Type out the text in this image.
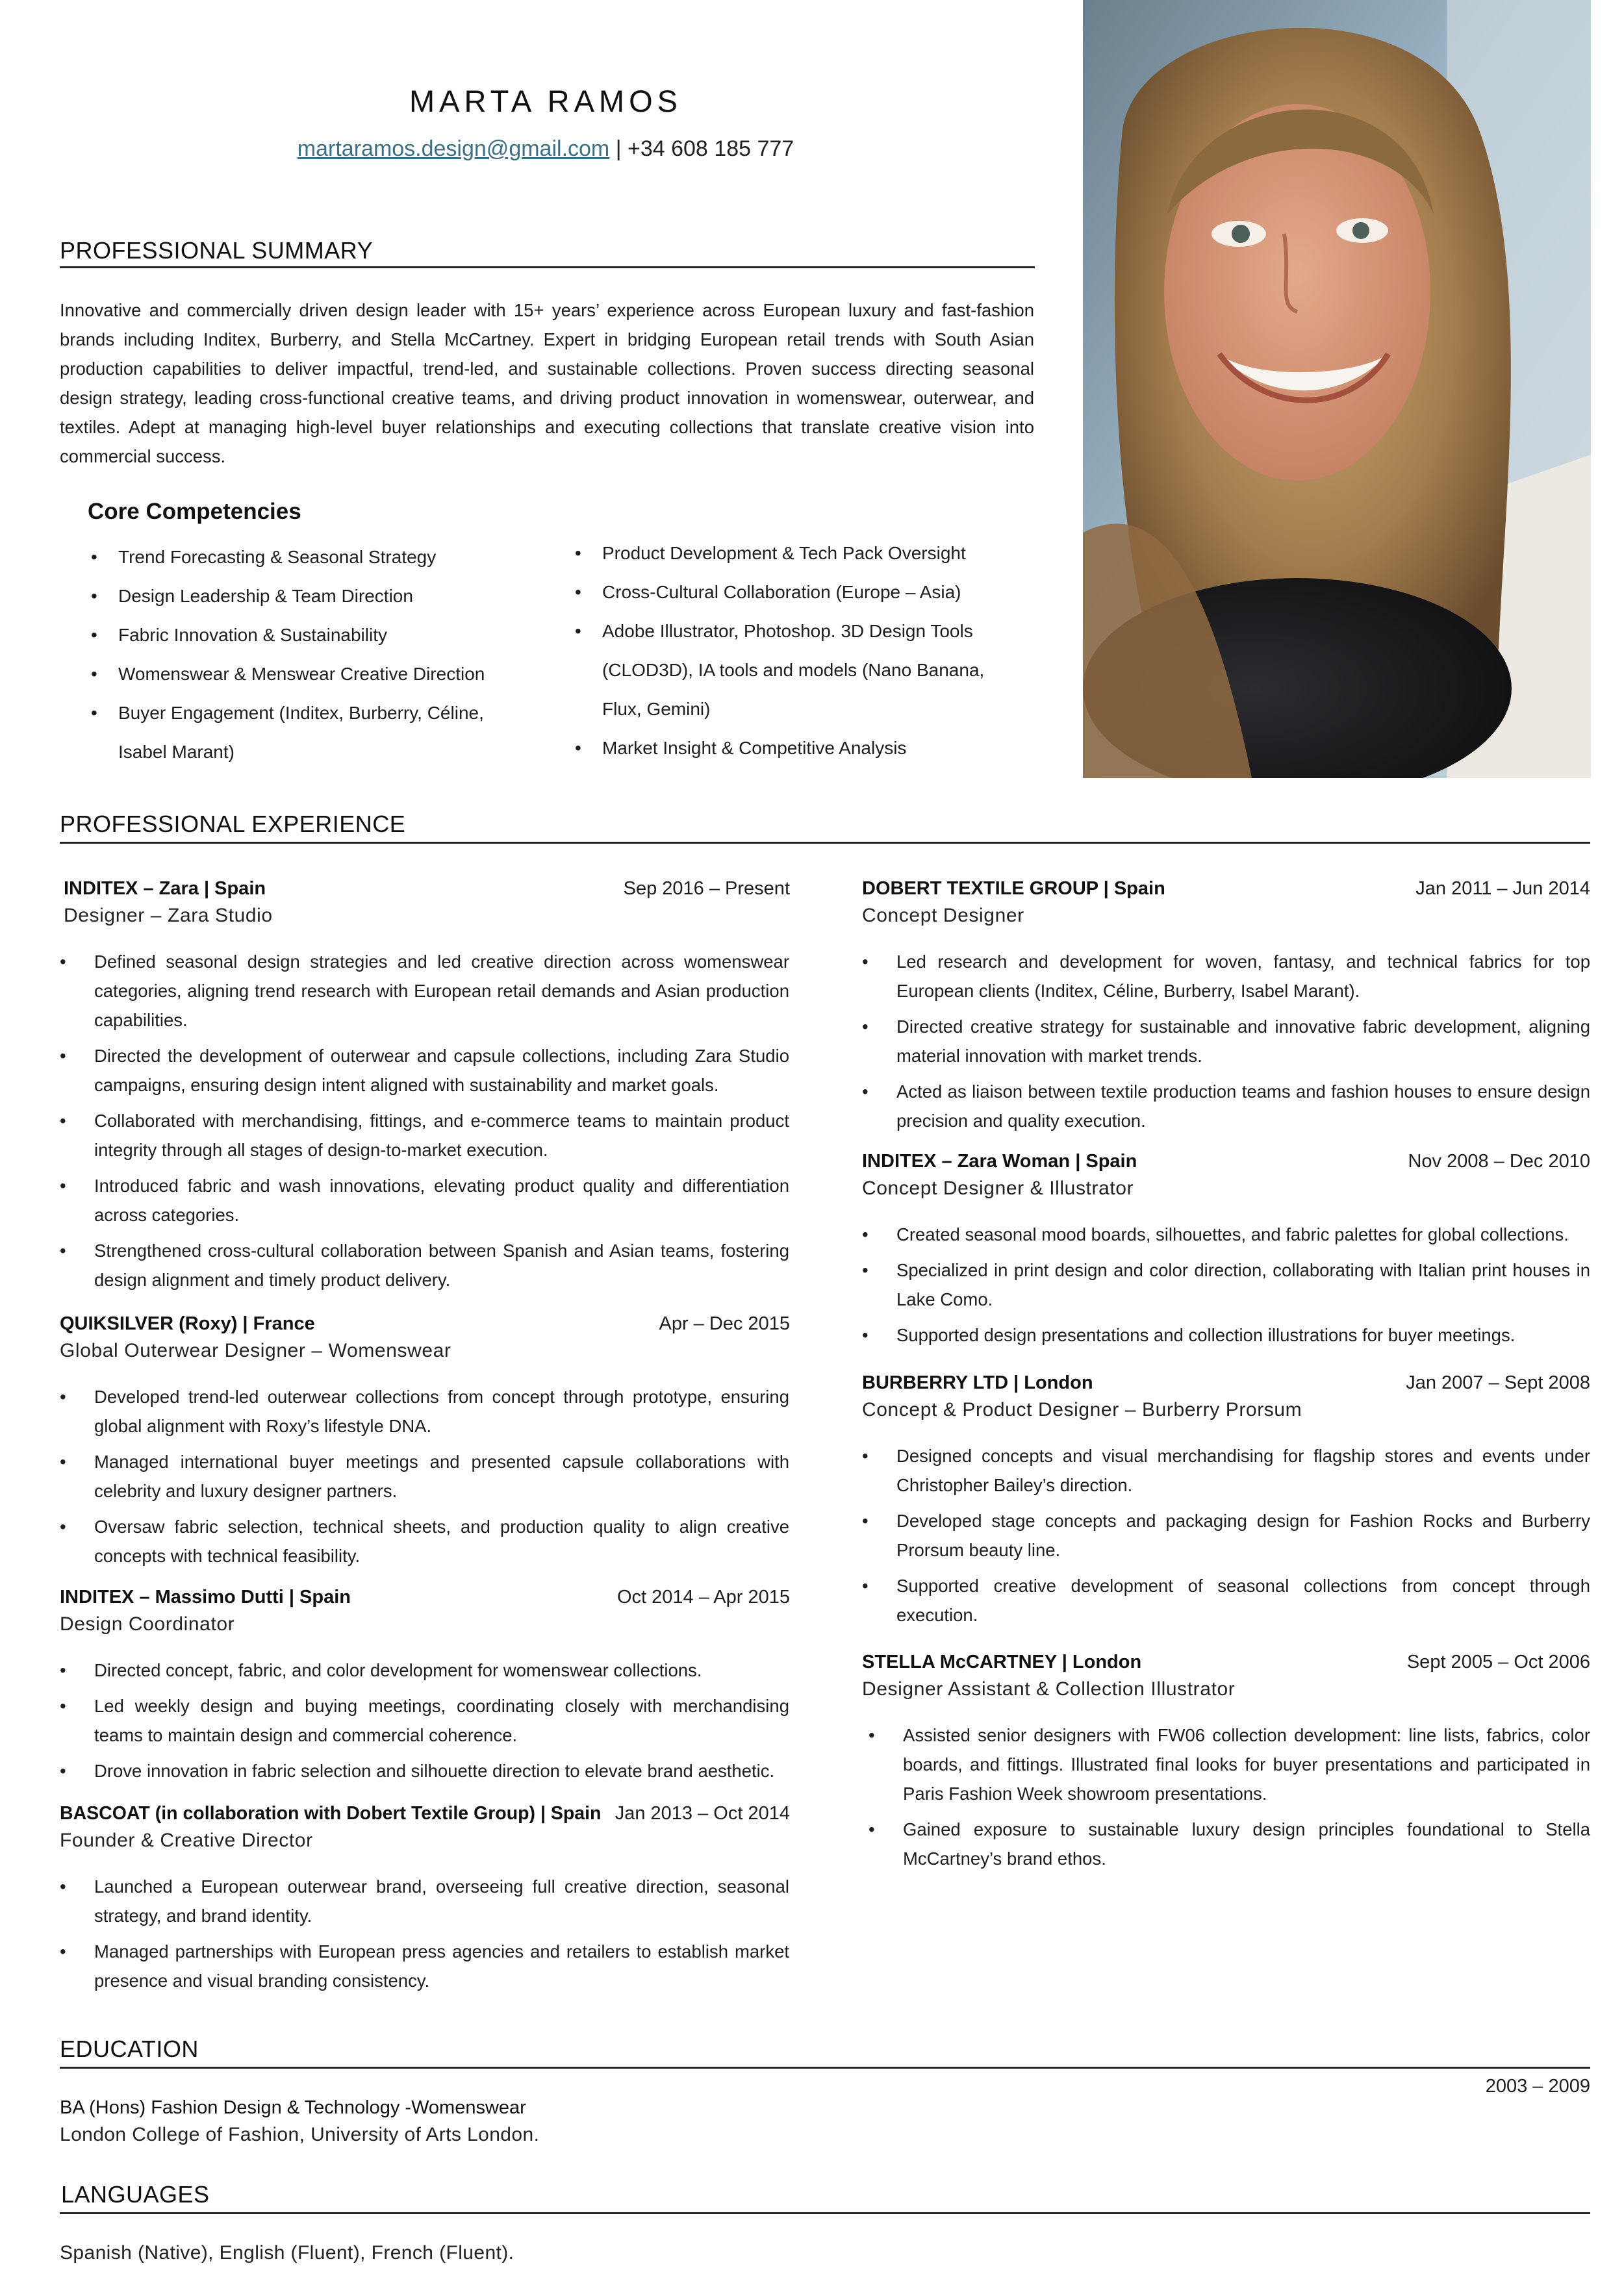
MARTA RAMOS
martaramos.design@gmail.com | +34 608 185 777
PROFESSIONAL SUMMARY
Innovative and commercially driven design leader with 15+ years’ experience across European luxury and fast-fashion brands including Inditex, Burberry, and Stella McCartney. Expert in bridging European retail trends with South Asian production capabilities to deliver impactful, trend-led, and sustainable collections. Proven success directing seasonal design strategy, leading cross-functional creative teams, and driving product innovation in womenswear, outerwear, and textiles. Adept at managing high-level buyer relationships and executing collections that translate creative vision into commercial success.
Core Competencies
• Trend Forecasting & Seasonal Strategy
• Design Leadership & Team Direction
• Fabric Innovation & Sustainability
• Womenswear & Menswear Creative Direction
• Buyer Engagement (Inditex, Burberry, Céline, Isabel Marant)
• Product Development & Tech Pack Oversight
• Cross-Cultural Collaboration (Europe – Asia)
• Adobe Illustrator, Photoshop. 3D Design Tools (CLOD3D), IA tools and models (Nano Banana, Flux, Gemini)
• Market Insight & Competitive Analysis
PROFESSIONAL EXPERIENCE
INDITEX – Zara | Spain	Sep 2016 – Present
Designer – Zara Studio
• Defined seasonal design strategies and led creative direction across womenswear categories, aligning trend research with European retail demands and Asian production capabilities.
• Directed the development of outerwear and capsule collections, including Zara Studio campaigns, ensuring design intent aligned with sustainability and market goals.
• Collaborated with merchandising, fittings, and e-commerce teams to maintain product integrity through all stages of design-to-market execution.
• Introduced fabric and wash innovations, elevating product quality and differentiation across categories.
• Strengthened cross-cultural collaboration between Spanish and Asian teams, fostering design alignment and timely product delivery.
QUIKSILVER (Roxy) | France	Apr – Dec 2015
Global Outerwear Designer – Womenswear
• Developed trend-led outerwear collections from concept through prototype, ensuring global alignment with Roxy’s lifestyle DNA.
• Managed international buyer meetings and presented capsule collaborations with celebrity and luxury designer partners.
• Oversaw fabric selection, technical sheets, and production quality to align creative concepts with technical feasibility.
INDITEX – Massimo Dutti | Spain	Oct 2014 – Apr 2015
Design Coordinator
• Directed concept, fabric, and color development for womenswear collections.
• Led weekly design and buying meetings, coordinating closely with merchandising teams to maintain design and commercial coherence.
• Drove innovation in fabric selection and silhouette direction to elevate brand aesthetic.
BASCOAT (in collaboration with Dobert Textile Group) | Spain Jan 2013 – Oct 2014
Founder & Creative Director
• Launched a European outerwear brand, overseeing full creative direction, seasonal strategy, and brand identity.
• Managed partnerships with European press agencies and retailers to establish market presence and visual branding consistency.
DOBERT TEXTILE GROUP | Spain	Jan 2011 – Jun 2014
Concept Designer
• Led research and development for woven, fantasy, and technical fabrics for top European clients (Inditex, Céline, Burberry, Isabel Marant).
• Directed creative strategy for sustainable and innovative fabric development, aligning material innovation with market trends.
• Acted as liaison between textile production teams and fashion houses to ensure design precision and quality execution.
INDITEX – Zara Woman | Spain	Nov 2008 – Dec 2010
Concept Designer & Illustrator
• Created seasonal mood boards, silhouettes, and fabric palettes for global collections.
• Specialized in print design and color direction, collaborating with Italian print houses in Lake Como.
• Supported design presentations and collection illustrations for buyer meetings.
BURBERRY LTD | London	Jan 2007 – Sept 2008
Concept & Product Designer – Burberry Prorsum
• Designed concepts and visual merchandising for flagship stores and events under Christopher Bailey’s direction.
• Developed stage concepts and packaging design for Fashion Rocks and Burberry Prorsum beauty line.
• Supported creative development of seasonal collections from concept through execution.
STELLA McCARTNEY | London	Sept 2005 – Oct 2006
Designer Assistant & Collection Illustrator
• Assisted senior designers with FW06 collection development: line lists, fabrics, color boards, and fittings. Illustrated final looks for buyer presentations and participated in Paris Fashion Week showroom presentations.
• Gained exposure to sustainable luxury design principles foundational to Stella McCartney’s brand ethos.
EDUCATION
2003 – 2009
BA (Hons) Fashion Design & Technology -Womenswear
London College of Fashion, University of Arts London.
LANGUAGES
Spanish (Native), English (Fluent), French (Fluent).
